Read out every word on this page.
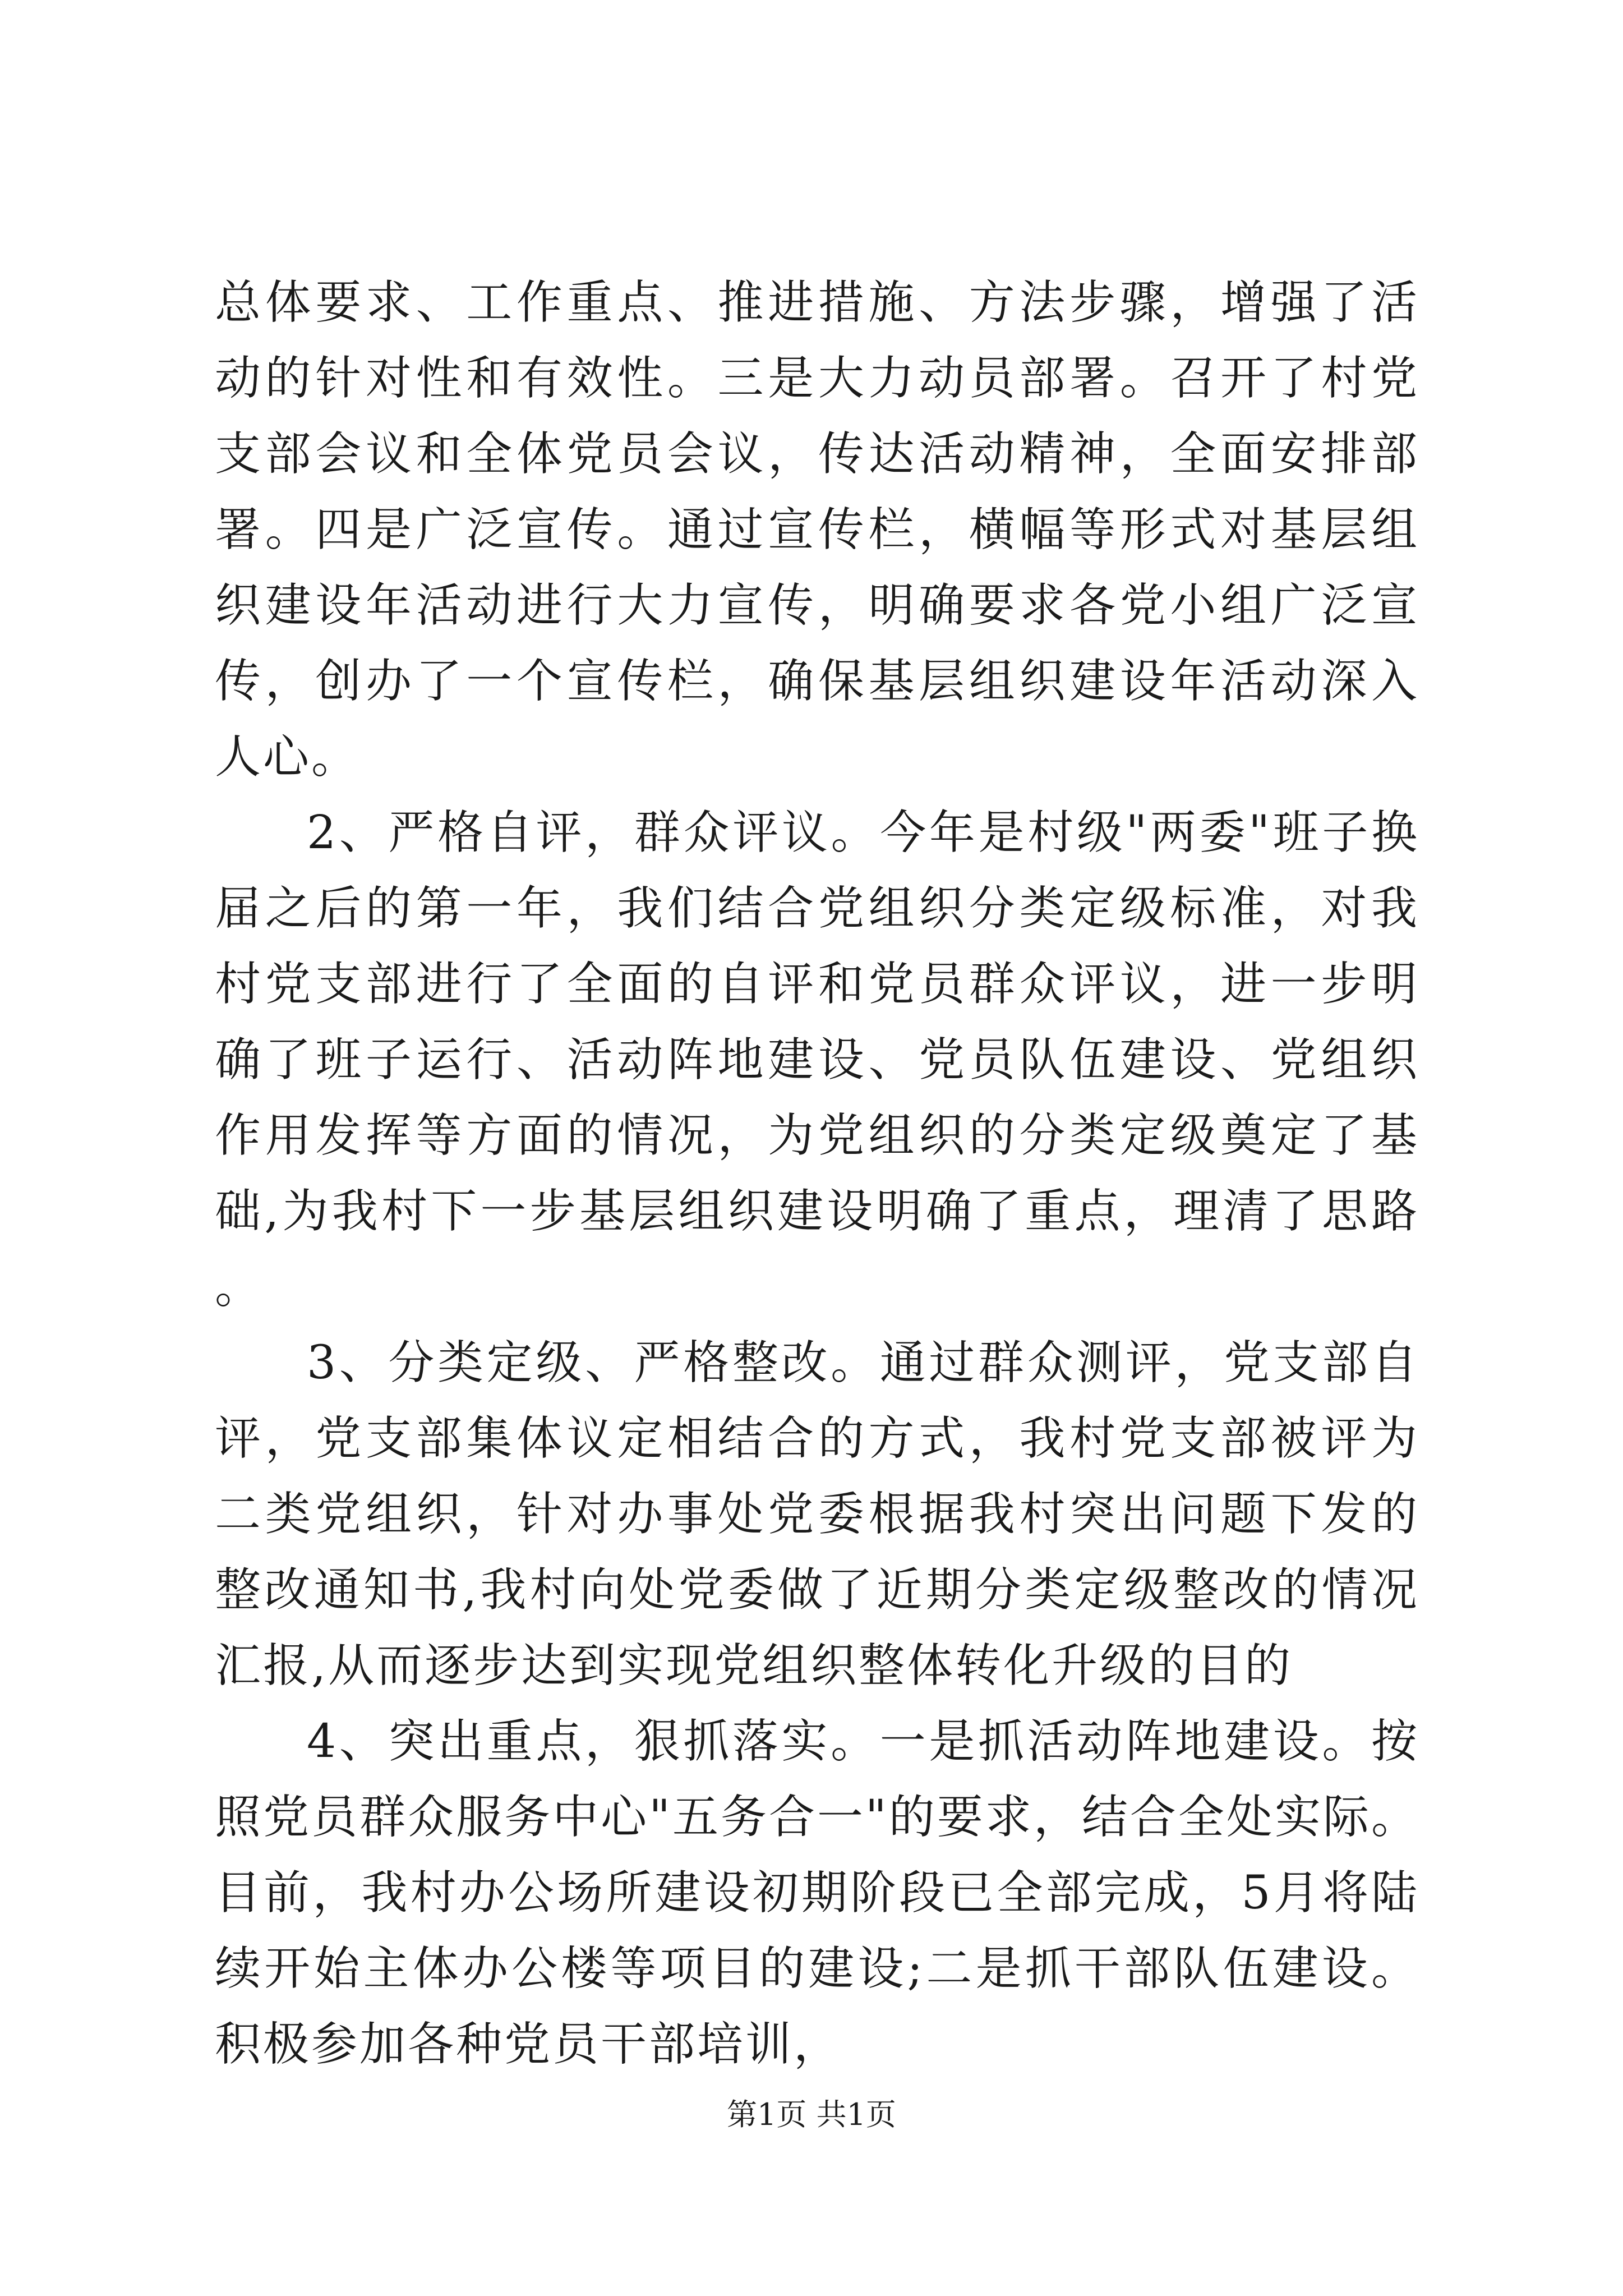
总体要求、工作重点、推进措施、方法步骤，增强了活动的针对性和有效性。三是大力动员部署。召开了村党支部会议和全体党员会议，传达活动精神，全面安排部署。四是广泛宣传。通过宣传栏，横幅等形式对基层组织建设年活动进行大力宣传，明确要求各党小组广泛宣传，创办了一个宣传栏，确保基层组织建设年活动深入人心。

2、严格自评，群众评议。今年是村级"两委"班子换届之后的第一年，我们结合党组织分类定级标准，对我村党支部进行了全面的自评和党员群众评议，进一步明确了班子运行、活动阵地建设、党员队伍建设、党组织作用发挥等方面的情况，为党组织的分类定级奠定了基础,为我村下一步基层组织建设明确了重点，理清了思路。

3、分类定级、严格整改。通过群众测评，党支部自评，党支部集体议定相结合的方式，我村党支部被评为二类党组织，针对办事处党委根据我村突出问题下发的整改通知书,我村向处党委做了近期分类定级整改的情况汇报,从而逐步达到实现党组织整体转化升级的目的

4、突出重点，狠抓落实。一是抓活动阵地建设。按照党员群众服务中心"五务合一"的要求，结合全处实际。目前，我村办公场所建设初期阶段已全部完成，5月将陆续开始主体办公楼等项目的建设;二是抓干部队伍建设。积极参加各种党员干部培训，

第1页 共1页
